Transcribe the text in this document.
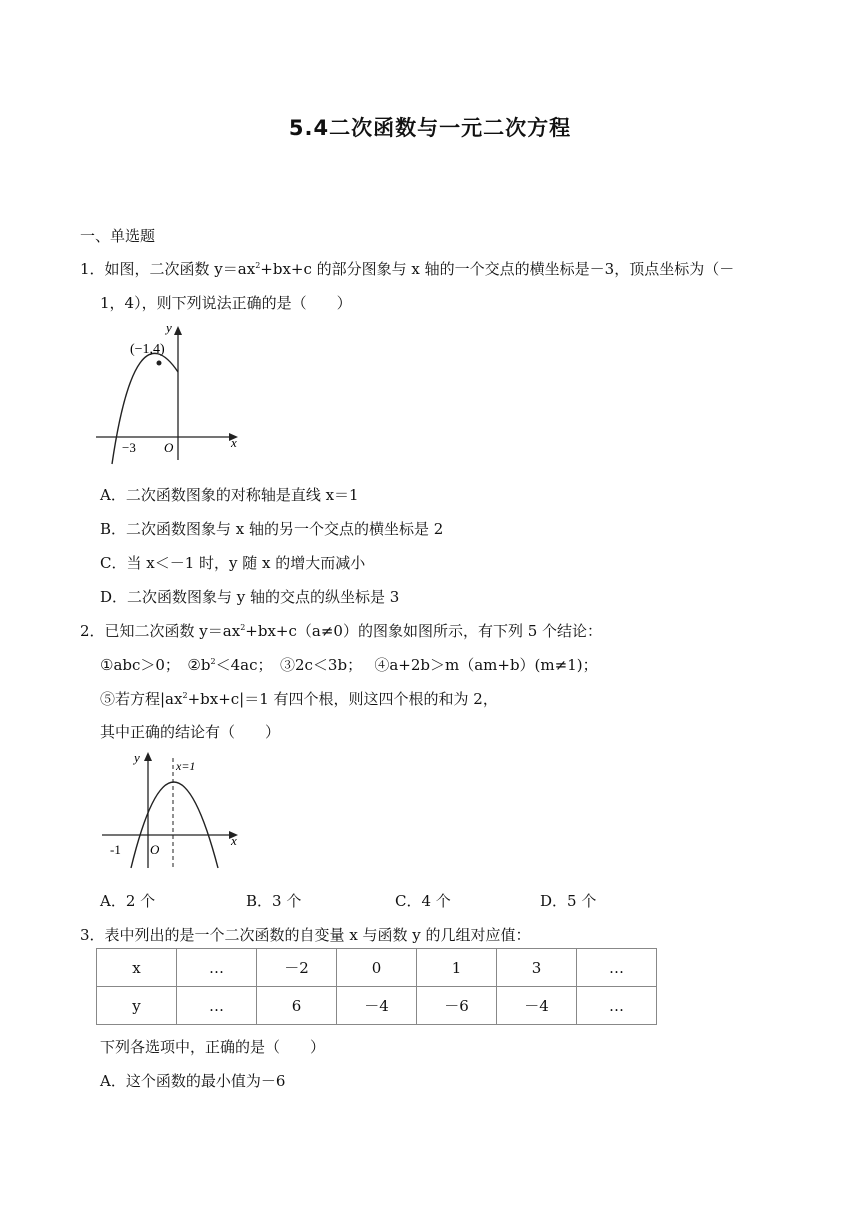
5.4二次函数与一元二次方程
一、单选题
1．如图，二次函数 $y=ax^2+bx+c$ 的部分图象与 x 轴的一个交点的横坐标是－3，顶点坐标为（－
1，4），则下列说法正确的是（　　）
(−1,4)
y
x
−3 O
A．二次函数图象的对称轴是直线 x＝1
B．二次函数图象与 x 轴的另一个交点的横坐标是 2
C．当 x＜－1 时，y 随 x 的增大而减小
D．二次函数图象与 y 轴的交点的纵坐标是 3
2．已知二次函数 $y=ax^2+bx+c(a\ne 0)$的图象如图所示，有下列 5 个结论：
①abc＞0；　$②b^2<4ac$；　③2c＜3b；　 ④a+2b＞m（am+b）(m≠1)；
⑤若方程$|ax^2+bx+c|=1$ 有四个根，则这四个根的和为 2，
其中正确的结论有（　　）
y
x=1
x
-1 O
A．2 个	B．3 个	C．4 个	D．5 个
3．表中列出的是一个二次函数的自变量 x 与函数 y 的几组对应值：
x	…	－2	0	1	3	…
y	…	6	－4	－6	－4	…
下列各选项中，正确的是（　　）
A．这个函数的最小值为－6
